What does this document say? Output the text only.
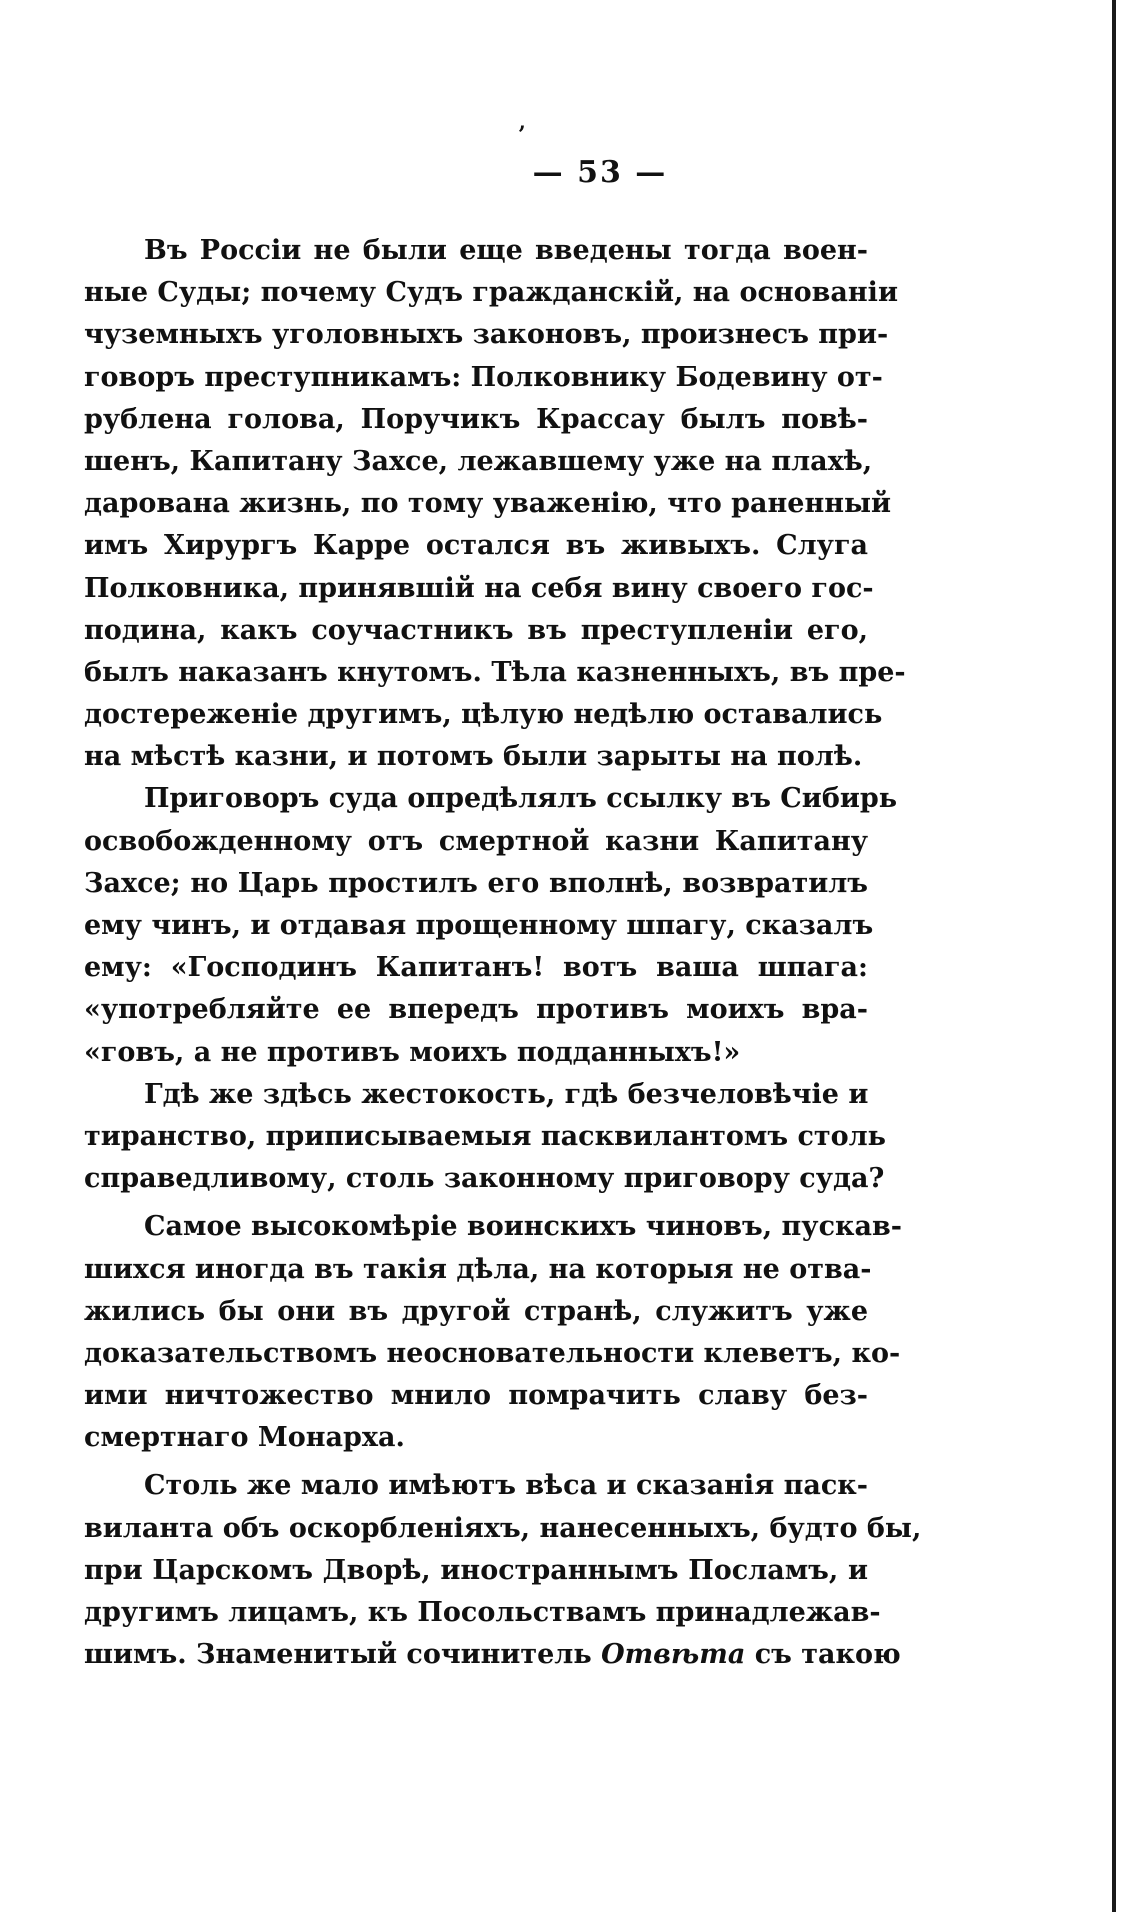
’
— 53 —
Въ Россіи не были еще введены тогда воен-
ные Суды; почему Судъ гражданскій, на основаніи
чуземныхъ уголовныхъ законовъ, произнесъ при-
говоръ преступникамъ: Полковнику Бодевину от-
рублена голова, Поручикъ Крассау былъ повѣ-
шенъ, Капитану Захсе, лежавшему уже на плахѣ,
дарована жизнь, по тому уваженію, что раненный
имъ Хирургъ Карре остался въ живыхъ. Слуга
Полковника, принявшій на себя вину своего гос-
подина, какъ соучастникъ въ преступленіи его,
былъ наказанъ кнутомъ. Тѣла казненныхъ, въ пре-
достереженіе другимъ, цѣлую недѣлю оставались
на мѣстѣ казни, и потомъ были зарыты на полѣ.
Приговоръ суда опредѣлялъ ссылку въ Сибирь
освобожденному отъ смертной казни Капитану
Захсе; но Царь простилъ его вполнѣ, возвратилъ
ему чинъ, и отдавая прощенному шпагу, сказалъ
ему: «Господинъ Капитанъ! вотъ ваша шпага:
«употребляйте ее впередъ противъ моихъ вра-
«говъ, а не противъ моихъ подданныхъ!»
Гдѣ же здѣсь жестокость, гдѣ безчеловѣчіе и
тиранство, приписываемыя пасквилантомъ столь
справедливому, столь законному приговору суда?
Самое высокомѣріе воинскихъ чиновъ, пускав-
шихся иногда въ такія дѣла, на которыя не отва-
жились бы они въ другой странѣ, служитъ уже
доказательствомъ неосновательности клеветъ, ко-
ими ничтожество мнило помрачить славу без-
смертнаго Монарха.
Столь же мало имѣютъ вѣса и сказанія паск-
виланта объ оскорбленіяхъ, нанесенныхъ, будто бы,
при Царскомъ Дворѣ, иностраннымъ Посламъ, и
другимъ лицамъ, къ Посольствамъ принадлежав-
шимъ. Знаменитый сочинитель Отвѣта съ такою
